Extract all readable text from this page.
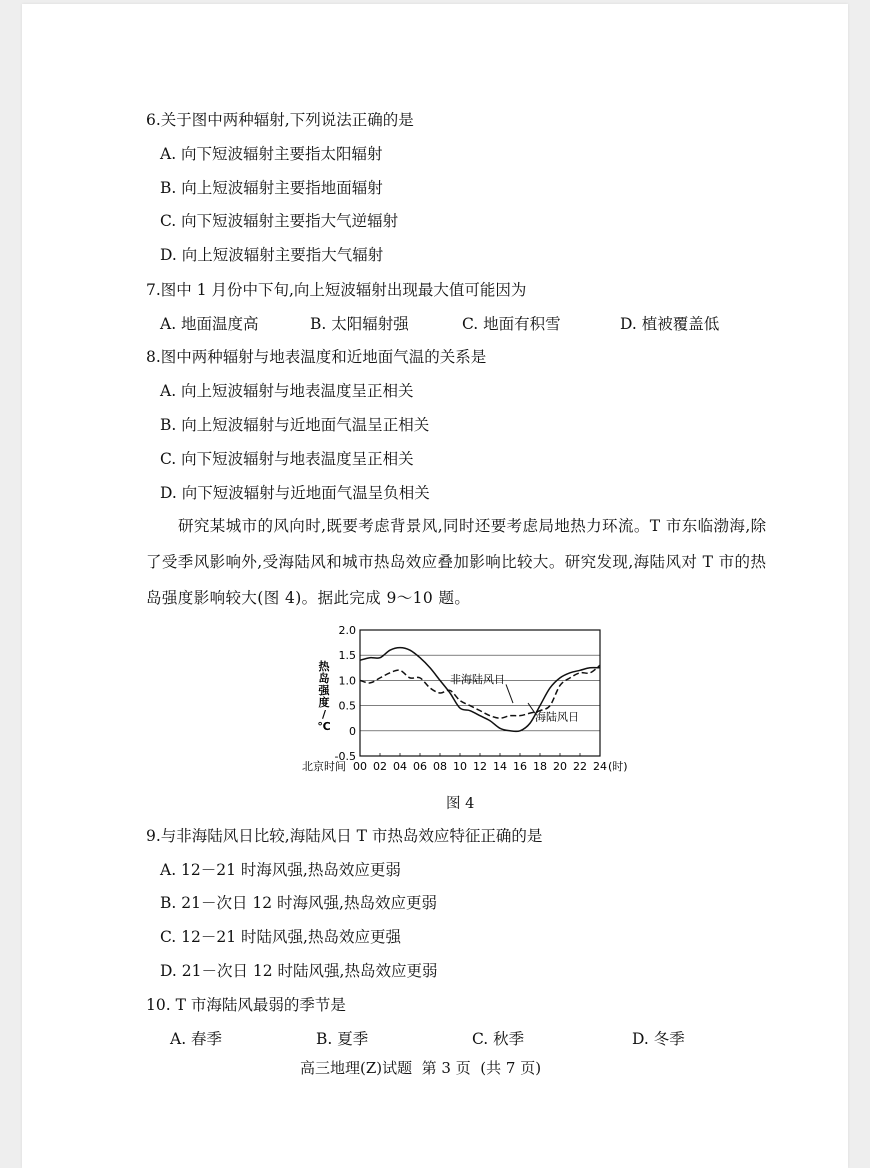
6.关于图中两种辐射,下列说法正确的是
A. 向下短波辐射主要指太阳辐射
B. 向上短波辐射主要指地面辐射
C. 向下短波辐射主要指大气逆辐射
D. 向上短波辐射主要指大气辐射
7.图中 1 月份中下旬,向上短波辐射出现最大值可能因为
A. 地面温度高	B. 太阳辐射强	C. 地面有积雪	D. 植被覆盖低
8.图中两种辐射与地表温度和近地面气温的关系是
A. 向上短波辐射与地表温度呈正相关
B. 向上短波辐射与近地面气温呈正相关
C. 向下短波辐射与地表温度呈正相关
D. 向下短波辐射与近地面气温呈负相关
研究某城市的风向时,既要考虑背景风,同时还要考虑局地热力环流。T 市东临渤海,除了受季风影响外,受海陆风和城市热岛效应叠加影响比较大。研究发现,海陆风对 T 市的热岛强度影响较大(图 4)。据此完成 9～10 题。
2.0
1.5
1.0
0.5
0
-0.5
00 02 04 06 08 10 12 14 16 18 20 22 24
热岛强度/ ℃
北京时间	(时)
非海陆风日
海陆风日
图 4
9.与非海陆风日比较,海陆风日 T 市热岛效应特征正确的是
A. 12－21 时海风强,热岛效应更弱
B. 21－次日 12 时海风强,热岛效应更弱
C. 12－21 时陆风强,热岛效应更强
D. 21－次日 12 时陆风强,热岛效应更弱
10. T 市海陆风最弱的季节是
A. 春季	B. 夏季	C. 秋季	D. 冬季
高三地理(Z)试题  第 3 页  (共 7 页)
